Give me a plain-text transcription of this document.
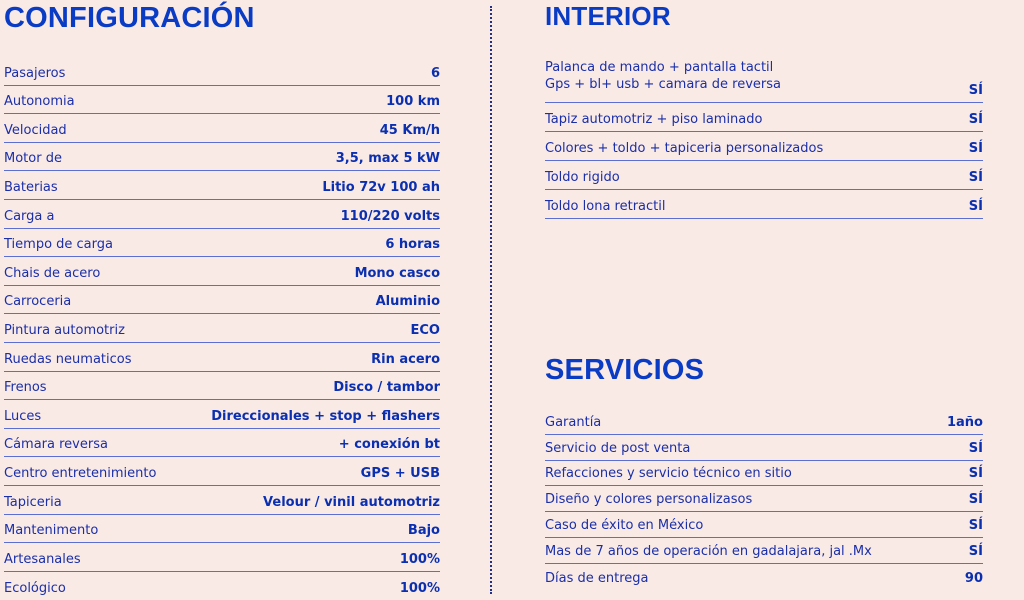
CONFIGURACIÓN	INTERIOR
SERVICIOS
Pasajeros	6
Autonomia	100 km
Velocidad	45 Km/h
Motor de	3,5, max 5 kW
Baterias	Litio 72v 100 ah
Carga a	110/220 volts
Tiempo de carga	6 horas
Chais de acero	Mono casco
Carroceria	Aluminio
Pintura automotriz	ECO
Ruedas neumaticos	Rin acero
Frenos	Disco / tambor
Luces	Direccionales + stop + flashers
Cámara reversa	+ conexión bt
Centro entretenimiento	GPS + USB
Tapiceria	Velour / vinil automotriz
Mantenimento	Bajo
Artesanales	100%
Ecológico	100%
Palanca de mando + pantalla tactil
Gps + bl+ usb + camara de reversa	SÍ
Tapiz automotriz + piso laminado	SÍ
Colores + toldo + tapiceria personalizados	SÍ
Toldo rigido	SÍ
Toldo lona retractil	SÍ
Garantía	1año
Servicio de post venta	SÍ
Refacciones y servicio técnico en sitio	SÍ
Diseño y colores personalizasos	SÍ
Caso de éxito en México	SÍ
Mas de 7 años de operación en gadalajara, jal .Mx	SÍ
Días de entrega	90
